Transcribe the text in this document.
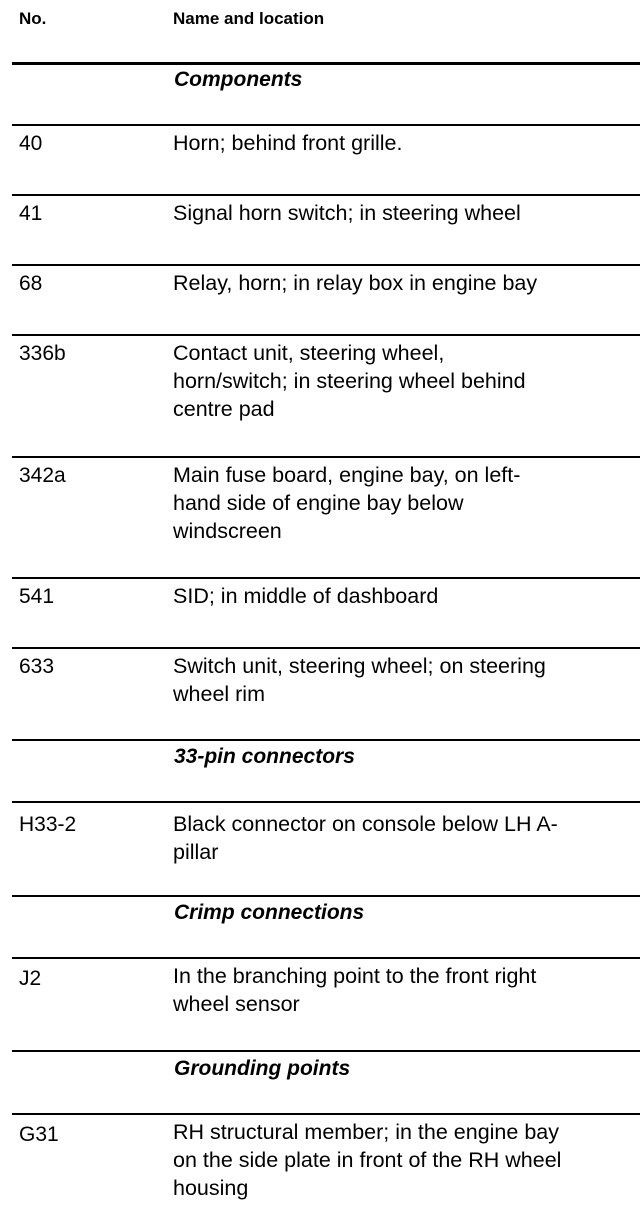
No.	Name and location
Components
40	Horn; behind front grille.
41	Signal horn switch; in steering wheel
68	Relay, horn; in relay box in engine bay
336b	Contact unit, steering wheel,
horn/switch; in steering wheel behind
centre pad
342a	Main fuse board, engine bay, on left-
hand side of engine bay below
windscreen
541	SID; in middle of dashboard
633	Switch unit, steering wheel; on steering
wheel rim
33-pin connectors
H33-2	Black connector on console below LH A-
pillar
Crimp connections
J2	In the branching point to the front right
wheel sensor
Grounding points
G31	RH structural member; in the engine bay
on the side plate in front of the RH wheel
housing
